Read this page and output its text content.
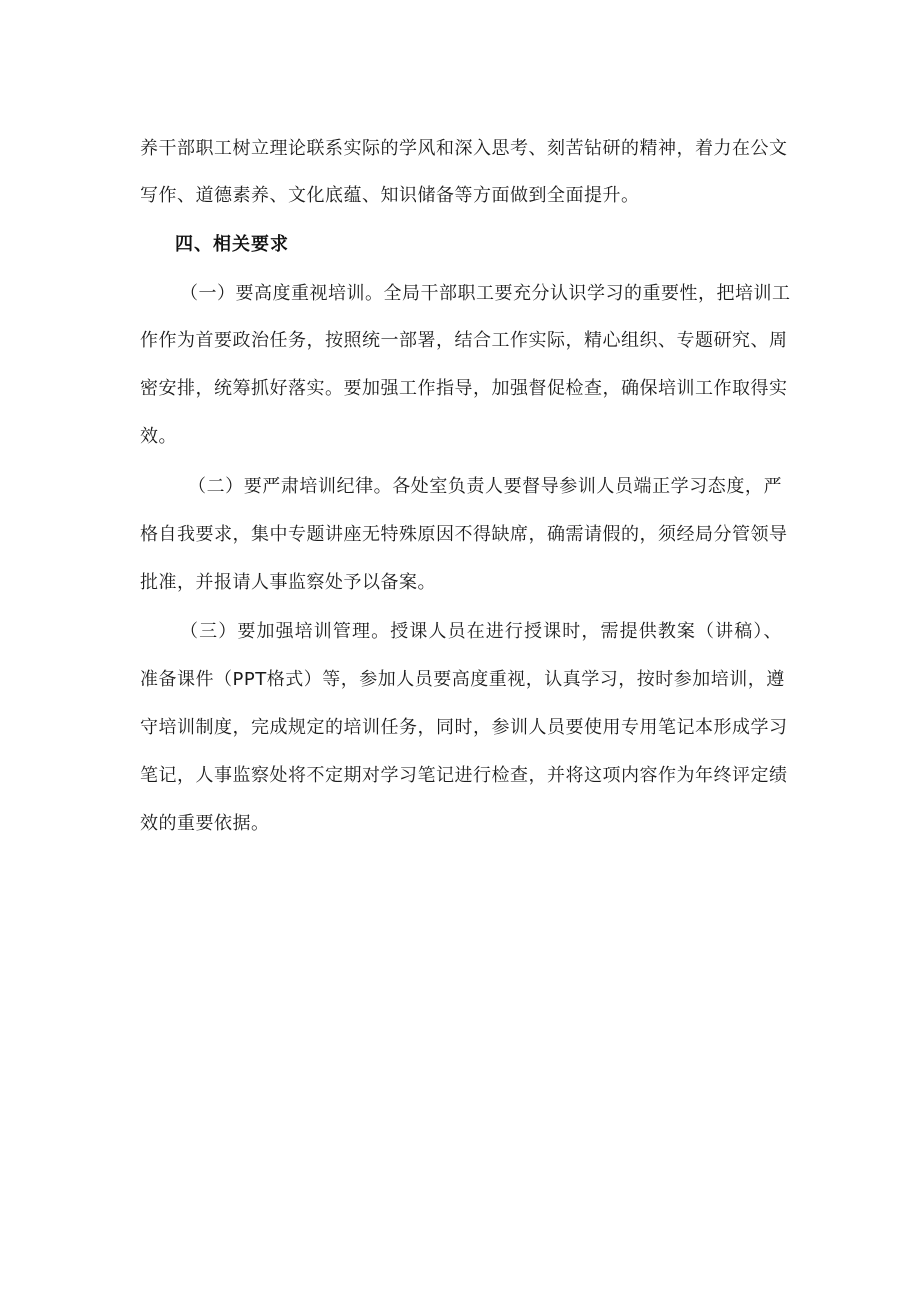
养干部职工树立理论联系实际的学风和深入思考、刻苦钻研的精神，着力在公文

写作、道德素养、文化底蕴、知识储备等方面做到全面提升。

四、相关要求

（一）要高度重视培训。全局干部职工要充分认识学习的重要性，把培训工

作作为首要政治任务，按照统一部署，结合工作实际，精心组织、专题研究、周

密安排，统筹抓好落实。要加强工作指导，加强督促检查，确保培训工作取得实

效。

（二）要严肃培训纪律。各处室负责人要督导参训人员端正学习态度，严

格自我要求，集中专题讲座无特殊原因不得缺席，确需请假的，须经局分管领导

批准，并报请人事监察处予以备案。

（三）要加强培训管理。授课人员在进行授课时，需提供教案（讲稿）、

准备课件（PPT格式）等，参加人员要高度重视，认真学习，按时参加培训，遵

守培训制度，完成规定的培训任务，同时，参训人员要使用专用笔记本形成学习

笔记，人事监察处将不定期对学习笔记进行检查，并将这项内容作为年终评定绩

效的重要依据。
